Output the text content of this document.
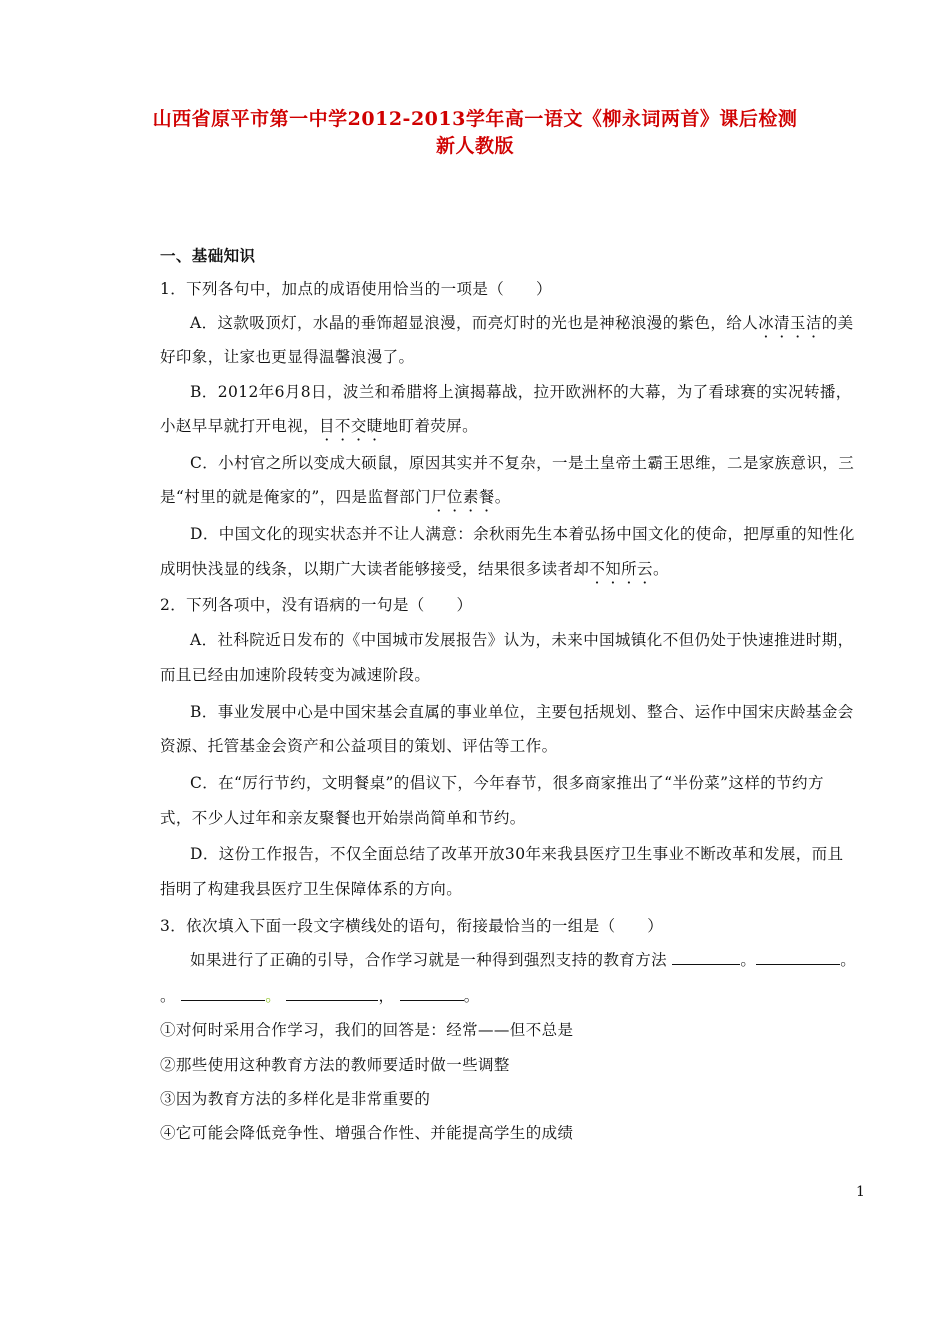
山西省原平市第一中学2012-2013学年高一语文《柳永词两首》课后检测
新人教版
一、基础知识
1．下列各句中，加点的成语使用恰当的一项是（　　）
A．这款吸顶灯，水晶的垂饰超显浪漫，而亮灯时的光也是神秘浪漫的紫色，给人冰清玉洁的美
好印象，让家也更显得温馨浪漫了。
B．2012年6月8日，波兰和希腊将上演揭幕战，拉开欧洲杯的大幕，为了看球赛的实况转播，
小赵早早就打开电视，目不交睫地盯着荧屏。
C．小村官之所以变成大硕鼠，原因其实并不复杂，一是土皇帝土霸王思维，二是家族意识，三
是“村里的就是俺家的”，四是监督部门尸位素餐。
D．中国文化的现实状态并不让人满意：余秋雨先生本着弘扬中国文化的使命，把厚重的知性化
成明快浅显的线条，以期广大读者能够接受，结果很多读者却不知所云。
2．下列各项中，没有语病的一句是（　　）
A．社科院近日发布的《中国城市发展报告》认为，未来中国城镇化不但仍处于快速推进时期，
而且已经由加速阶段转变为减速阶段。
B．事业发展中心是中国宋基会直属的事业单位，主要包括规划、整合、运作中国宋庆龄基金会
资源、托管基金会资产和公益项目的策划、评估等工作。
C．在“厉行节约，文明餐桌”的倡议下，今年春节，很多商家推出了“半份菜”这样的节约方
式，不少人过年和亲友聚餐也开始崇尚简单和节约。
D．这份工作报告，不仅全面总结了改革开放30年来我县医疗卫生事业不断改革和发展，而且
指明了构建我县医疗卫生保障体系的方向。
3．依次填入下面一段文字横线处的语句，衔接最恰当的一组是（　　）
如果进行了正确的引导，合作学习就是一种得到强烈支持的教育方法	。	。
。	。	，	。
①对何时采用合作学习，我们的回答是：经常——但不总是
②那些使用这种教育方法的教师要适时做一些调整
③因为教育方法的多样化是非常重要的
④它可能会降低竞争性、增强合作性、并能提高学生的成绩
1
